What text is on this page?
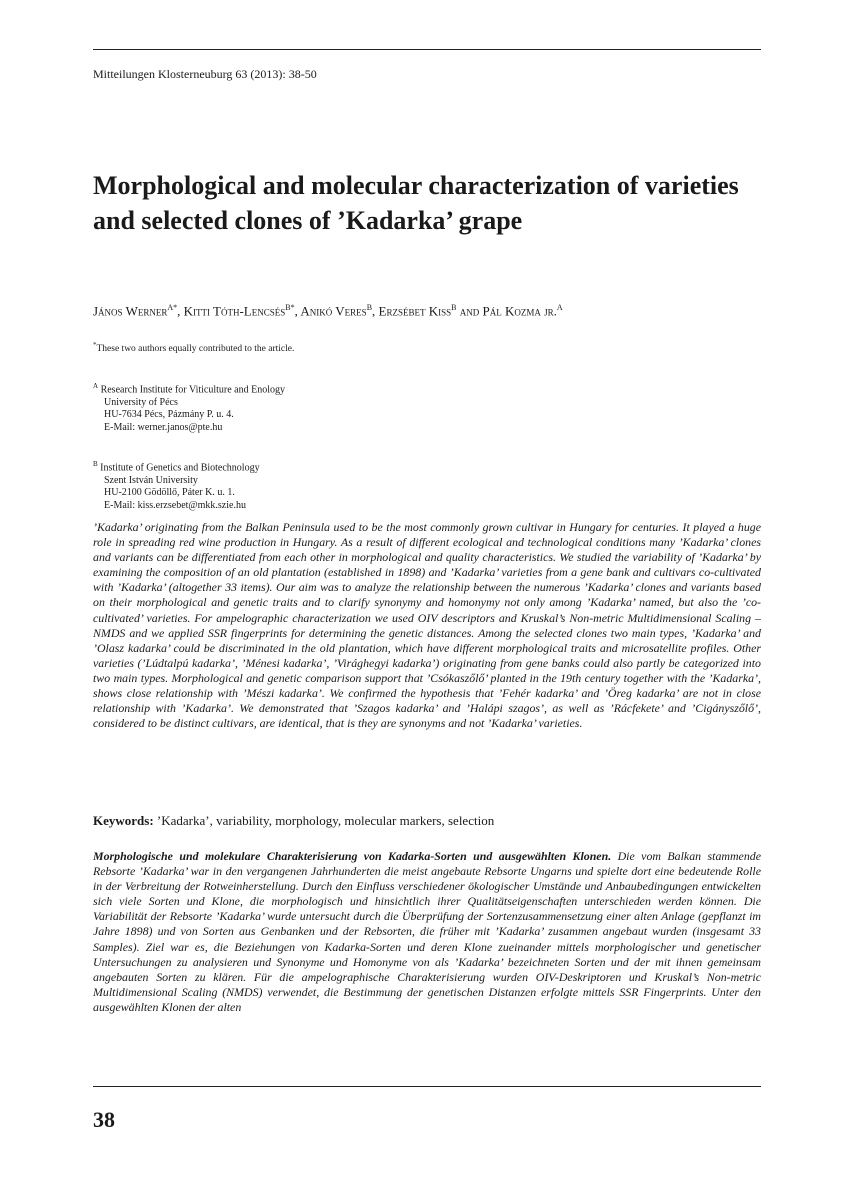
Mitteilungen Klosterneuburg 63 (2013): 38-50
Morphological and molecular characterization of varieties and selected clones of ’Kadarka’ grape
János Werner$^{A*}$, Kitti Tóth-Lencsés$^{B*}$, Anikó Veres$^B$, Erzsébet Kiss$^B$ and Pál Kozma jr.$^A$
*These two authors equally contributed to the article.
$^A$ Research Institute for Viticulture and Enology
University of Pécs
HU-7634 Pécs, Pázmány P. u. 4.
E-Mail: werner.janos@pte.hu
$^B$ Institute of Genetics and Biotechnology
Szent István University
HU-2100 Gödöllő, Páter K. u. 1.
E-Mail: kiss.erzsebet@mkk.szie.hu

’Kadarka’ originating from the Balkan Peninsula used to be the most commonly grown cultivar in Hungary for centuries. It played a huge role in spreading red wine production in Hungary. As a result of different ecological and technological conditions many ’Kadarka’ clones and variants can be differentiated from each other in morphological and quality characteristics. We studied the variability of ’Kadarka’ by examining the composition of an old plantation (established in 1898) and ’Kadarka’ varieties from a gene bank and cultivars co-cultivated with ’Kadarka’ (altogether 33 items). Our aim was to analyze the relationship between the numerous ’Kadarka’ clones and variants based on their morphological and genetic traits and to clarify synonymy and homonymy not only among ’Kadarka’ named, but also the ’co-cultivated’ varieties. For ampelographic characterization we used OIV descriptors and Kruskal’s Non-metric Multidimensional Scaling – NMDS and we applied SSR fingerprints for determining the genetic distances. Among the selected clones two main types, ’Kadarka’ and ’Olasz kadarka’ could be discriminated in the old plantation, which have different morphological traits and microsatellite profiles. Other varieties (’Lúdtalpú kadarka’, ’Ménesi kadarka’, ’Virághegyi kadarka’) originating from gene banks could also partly be categorized into two main types. Morphological and genetic comparison support that ’Csókaszőlő’ planted in the 19th century together with the ’Kadarka’, shows close relationship with ’Mészi kadarka’. We confirmed the hypothesis that ’Fehér kadarka’ and ’Öreg kadarka’ are not in close relationship with ’Kadarka’. We demonstrated that ’Szagos kadarka’ and ’Halápi szagos’, as well as ’Rácfekete’ and ’Cigányszőlő’, considered to be distinct cultivars, are identical, that is they are synonyms and not ’Kadarka’ varieties.

Keywords: ’Kadarka’, variability, morphology, molecular markers, selection

Morphologische und molekulare Charakterisierung von Kadarka-Sorten und ausgewählten Klonen. Die vom Balkan stammende Rebsorte ’Kadarka’ war in den vergangenen Jahrhunderten die meist angebaute Rebsorte Ungarns und spielte dort eine bedeutende Rolle in der Verbreitung der Rotweinherstellung. Durch den Einfluss verschiedener ökologischer Umstände und Anbaubedingungen entwickelten sich viele Sorten und Klone, die morphologisch und hinsichtlich ihrer Qualitätseigenschaften unterschieden werden können. Die Variabilität der Rebsorte ’Kadarka’ wurde untersucht durch die Überprüfung der Sortenzusammensetzung einer alten Anlage (gepflanzt im Jahre 1898) und von Sorten aus Genbanken und der Rebsorten, die früher mit ’Kadarka’ zusammen angebaut wurden (insgesamt 33 Samples). Ziel war es, die Beziehungen von Kadarka-Sorten und deren Klone zueinander mittels morphologischer und genetischer Untersuchungen zu analysieren und Synonyme und Homonyme von als ’Kadarka’ bezeichneten Sorten und der mit ihnen gemeinsam angebauten Sorten zu klären. Für die ampelographische Charakterisierung wurden OIV-Deskriptoren und Kruskal’s Non-metric Multidimensional Scaling (NMDS) verwendet, die Bestimmung der genetischen Distanzen erfolgte mittels SSR Fingerprints. Unter den ausgewählten Klonen der alten

38
